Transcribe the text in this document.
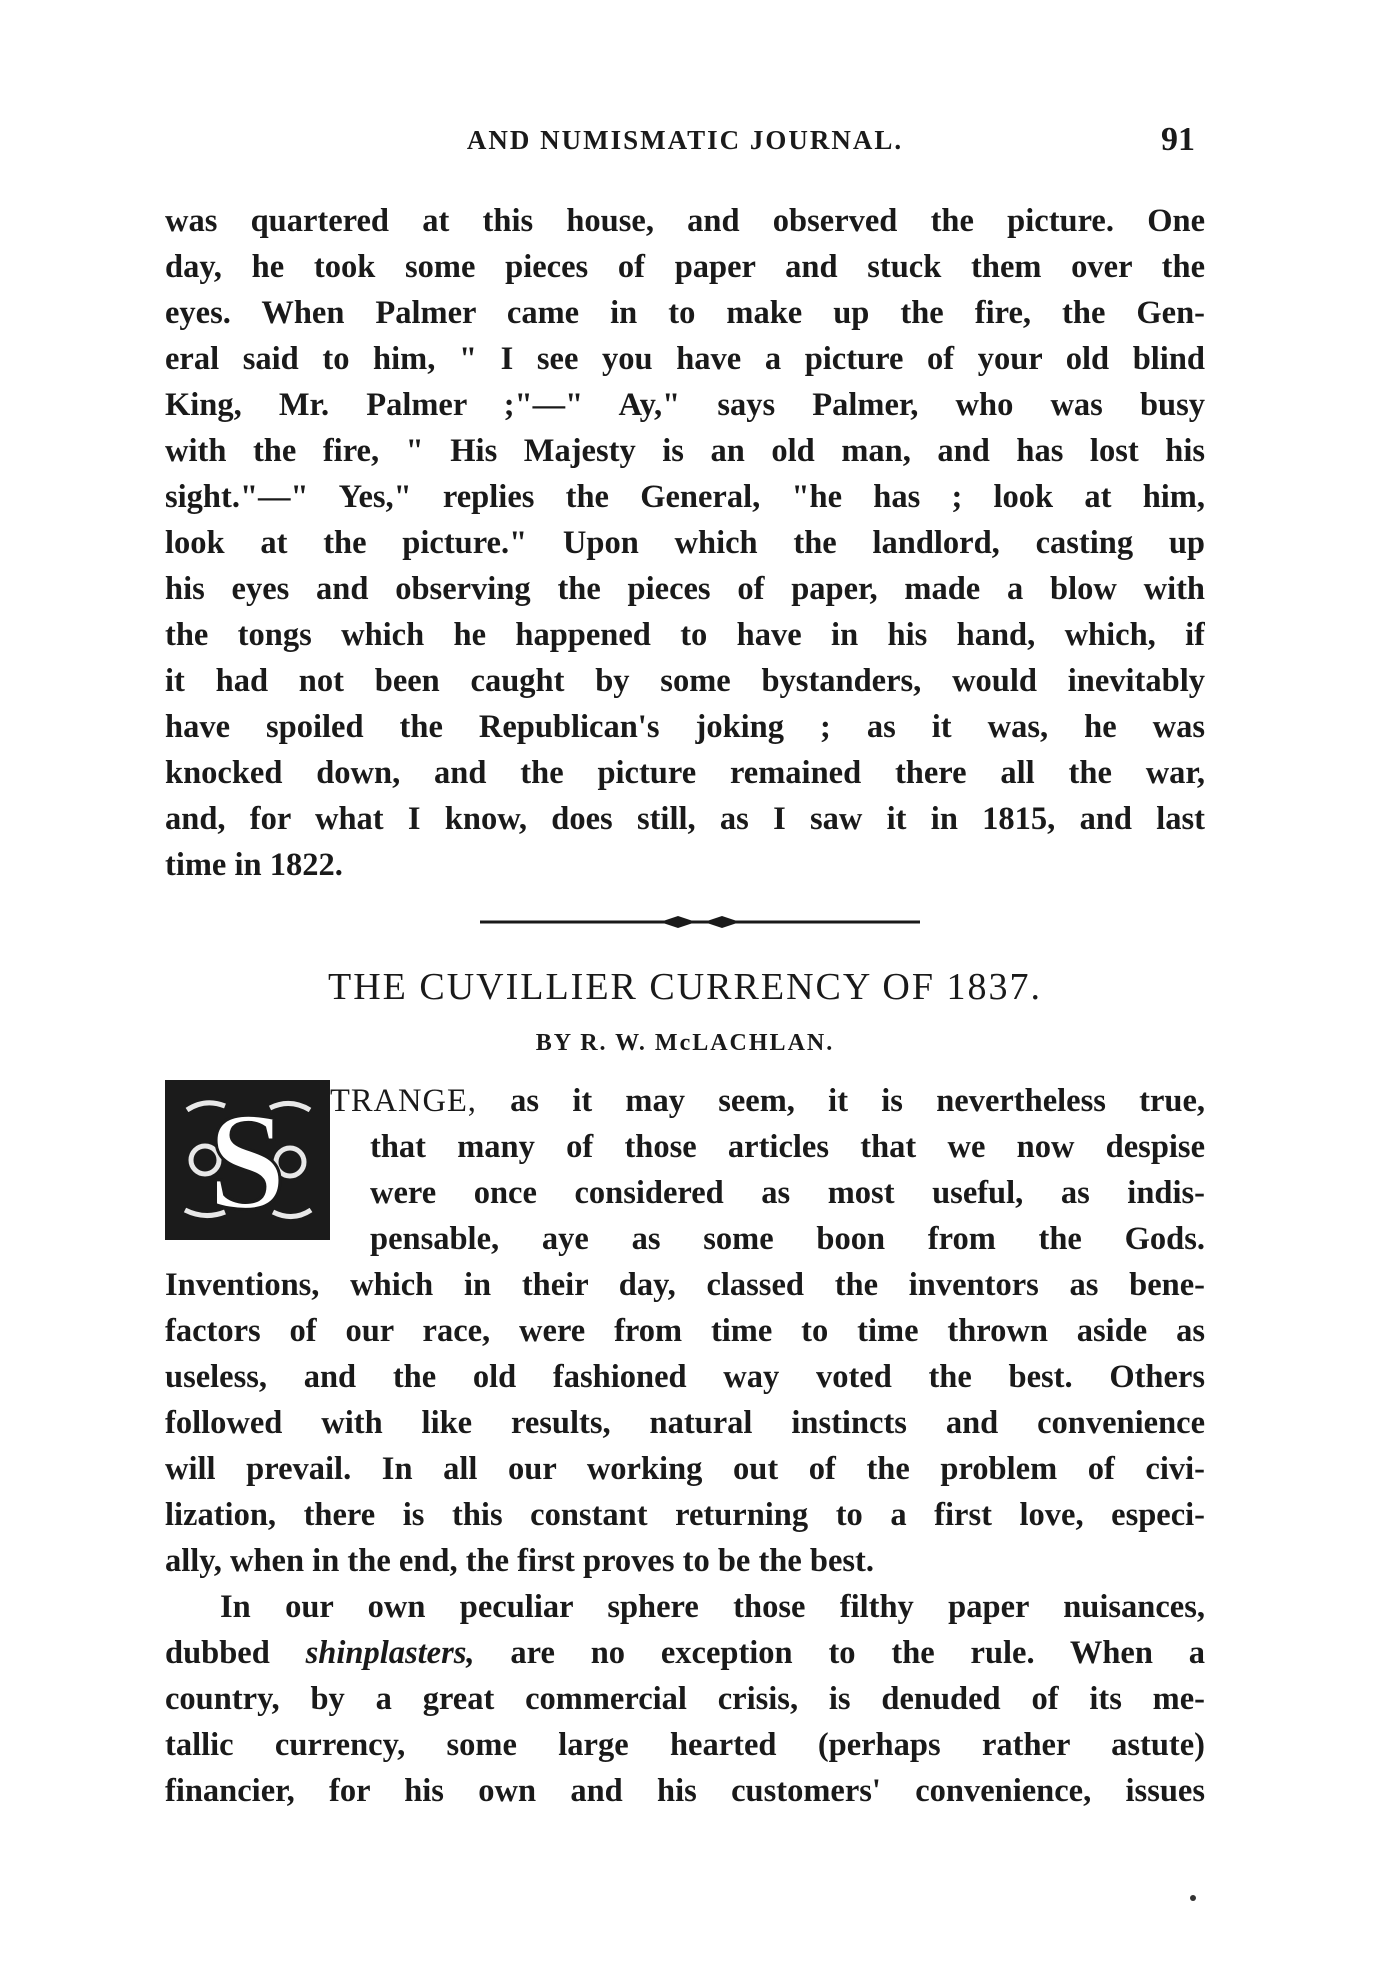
AND NUMISMATIC JOURNAL.	91
was quartered at this house, and observed the picture. One
day, he took some pieces of paper and stuck them over the
eyes. When Palmer came in to make up the fire, the Gen-
eral said to him, " I see you have a picture of your old blind
King, Mr. Palmer ;"—" Ay," says Palmer, who was busy
with the fire, " His Majesty is an old man, and has lost his
sight."—" Yes," replies the General, "he has ; look at him,
look at the picture." Upon which the landlord, casting up
his eyes and observing the pieces of paper, made a blow with
the tongs which he happened to have in his hand, which, if
it had not been caught by some bystanders, would inevitably
have spoiled the Republican's joking ; as it was, he was
knocked down, and the picture remained there all the war,
and, for what I know, does still, as I saw it in 1815, and last
time in 1822.
THE CUVILLIER CURRENCY OF 1837.
BY R. W. McLACHLAN.
S TRANGE, as it may seem, it is nevertheless true,
that many of those articles that we now despise
were once considered as most useful, as indis-
pensable, aye as some boon from the Gods.
Inventions, which in their day, classed the inventors as bene-
factors of our race, were from time to time thrown aside as
useless, and the old fashioned way voted the best. Others
followed with like results, natural instincts and convenience
will prevail. In all our working out of the problem of civi-
lization, there is this constant returning to a first love, especi-
ally, when in the end, the first proves to be the best.
In our own peculiar sphere those filthy paper nuisances,
dubbed shinplasters, are no exception to the rule. When a
country, by a great commercial crisis, is denuded of its me-
tallic currency, some large hearted (perhaps rather astute)
financier, for his own and his customers' convenience, issues
